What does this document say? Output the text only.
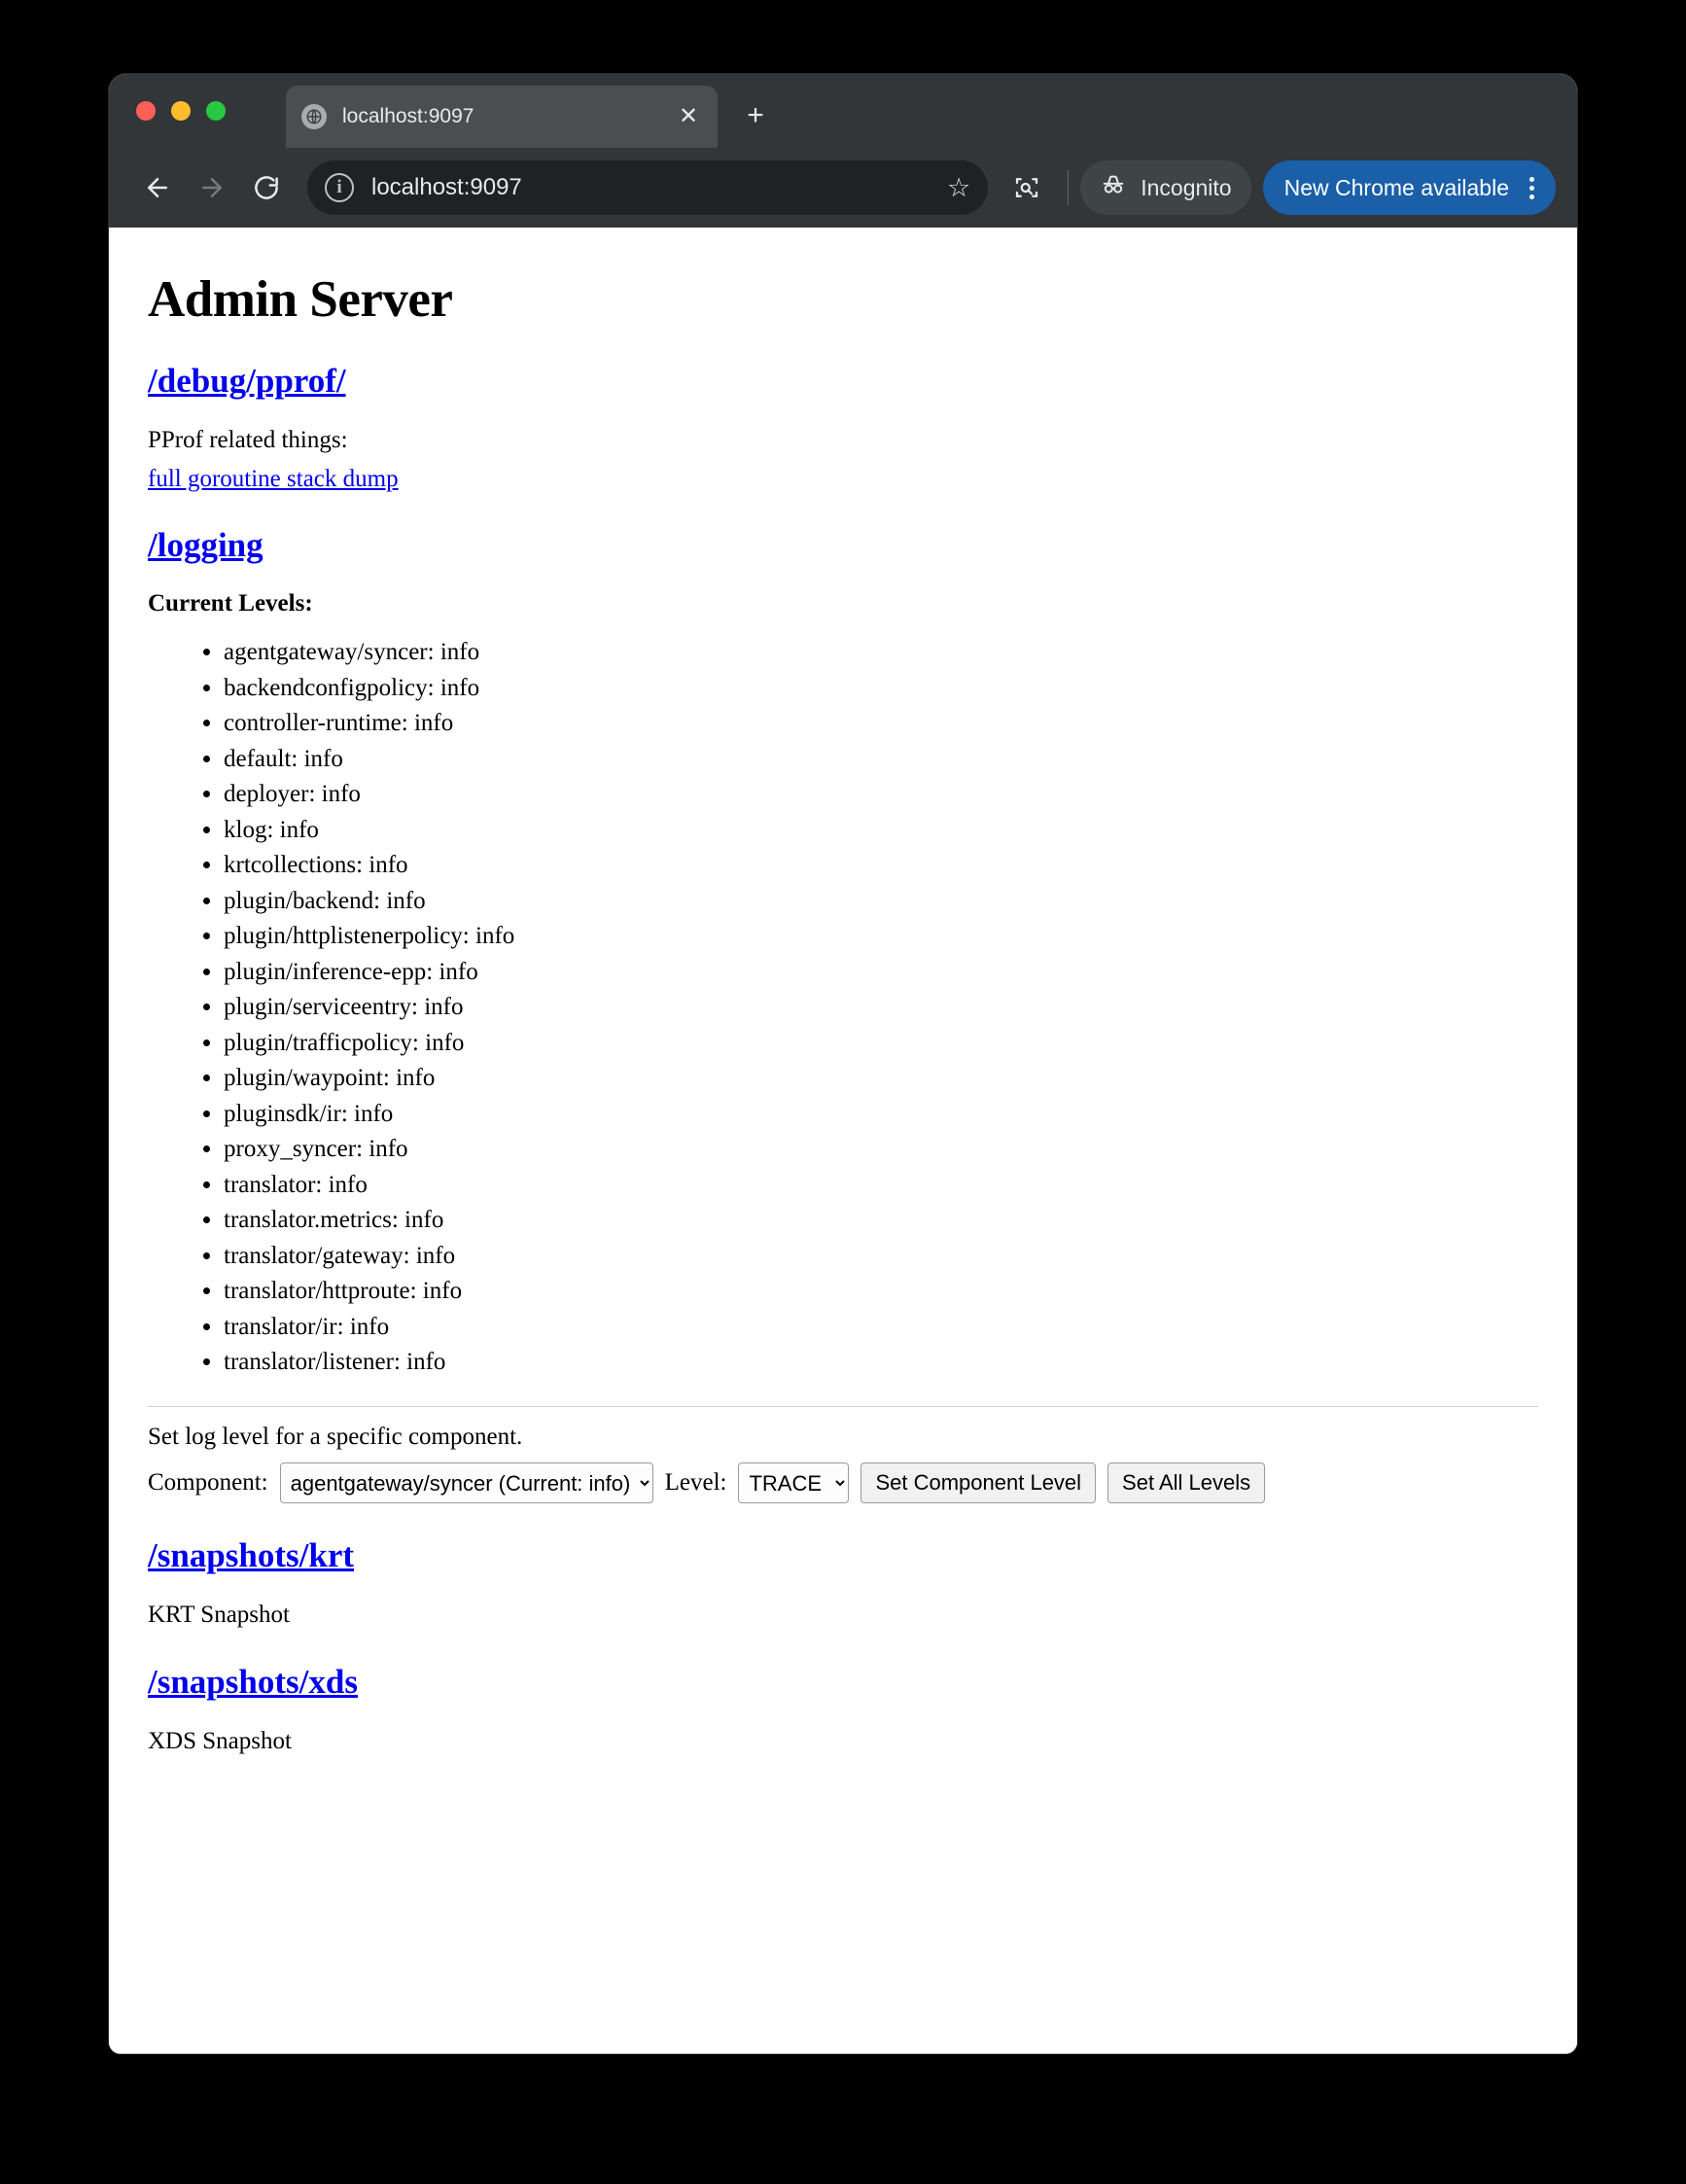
localhost:9097	✕ +
i	localhost:9097	☆	Incognito New Chrome available
Admin Server
/debug/pprof/

PProf related things:

full goroutine stack dump

/logging
Current Levels:
• agentgateway/syncer: info
• backendconfigpolicy: info
• controller-runtime: info
• default: info
• deployer: info
• klog: info
• krtcollections: info
• plugin/backend: info
• plugin/httplistenerpolicy: info
• plugin/inference-epp: info
• plugin/serviceentry: info
• plugin/trafficpolicy: info
• plugin/waypoint: info
• pluginsdk/ir: info
• proxy_syncer: info
• translator: info
• translator.metrics: info
• translator/gateway: info
• translator/httproute: info
• translator/ir: info
• translator/listener: info

Set log level for a specific component.

Component:
agentgateway/syncer (Current: info)	Level:
TRACE	Set Component Level	Set All Levels
/snapshots/krt

KRT Snapshot

/snapshots/xds

XDS Snapshot
